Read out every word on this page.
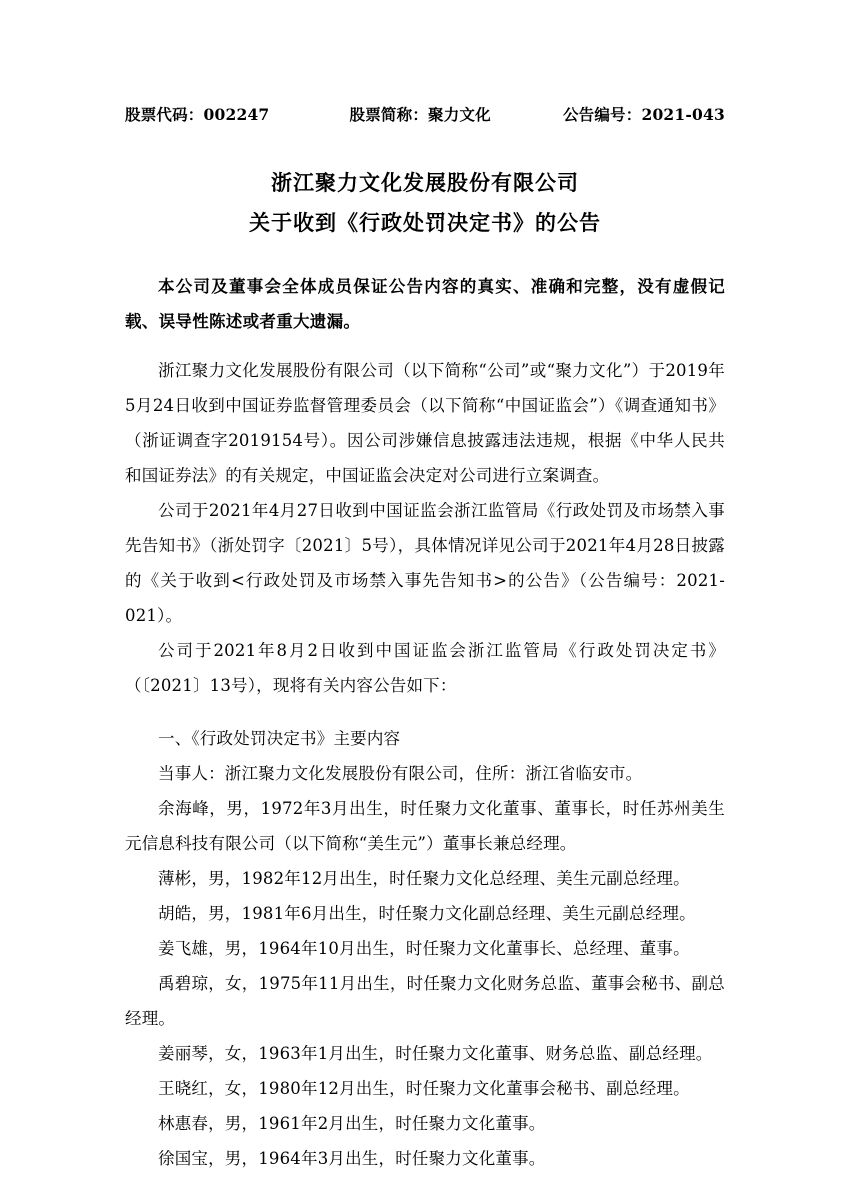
股票代码：002247	股票简称：聚力文化	公告编号：2021-043
浙江聚力文化发展股份有限公司
关于收到《行政处罚决定书》的公告
本公司及董事会全体成员保证公告内容的真实、准确和完整，没有虚假记载、误导性陈述或者重大遗漏。

浙江聚力文化发展股份有限公司（以下简称“公司”或“聚力文化”）于2019年5月24日收到中国证券监督管理委员会（以下简称“中国证监会”）《调查通知书》（浙证调查字2019154号）。因公司涉嫌信息披露违法违规，根据《中华人民共和国证券法》的有关规定，中国证监会决定对公司进行立案调查。

公司于2021年4月27日收到中国证监会浙江监管局《行政处罚及市场禁入事先告知书》（浙处罚字〔2021〕5号），具体情况详见公司于2021年4月28日披露的《关于收到<行政处罚及市场禁入事先告知书>的公告》（公告编号：2021-021）。

公司于2021年8月2日收到中国证监会浙江监管局《行政处罚决定书》（〔2021〕13号），现将有关内容公告如下：

一、《行政处罚决定书》主要内容

当事人：浙江聚力文化发展股份有限公司，住所：浙江省临安市。

余海峰，男，1972年3月出生，时任聚力文化董事、董事长，时任苏州美生元信息科技有限公司（以下简称“美生元”）董事长兼总经理。

薄彬，男，1982年12月出生，时任聚力文化总经理、美生元副总经理。

胡皓，男，1981年6月出生，时任聚力文化副总经理、美生元副总经理。

姜飞雄，男，1964年10月出生，时任聚力文化董事长、总经理、董事。

禹碧琼，女，1975年11月出生，时任聚力文化财务总监、董事会秘书、副总经理。

姜丽琴，女，1963年1月出生，时任聚力文化董事、财务总监、副总经理。

王晓红，女，1980年12月出生，时任聚力文化董事会秘书、副总经理。

林惠春，男，1961年2月出生，时任聚力文化董事。

徐国宝，男，1964年3月出生，时任聚力文化董事。
